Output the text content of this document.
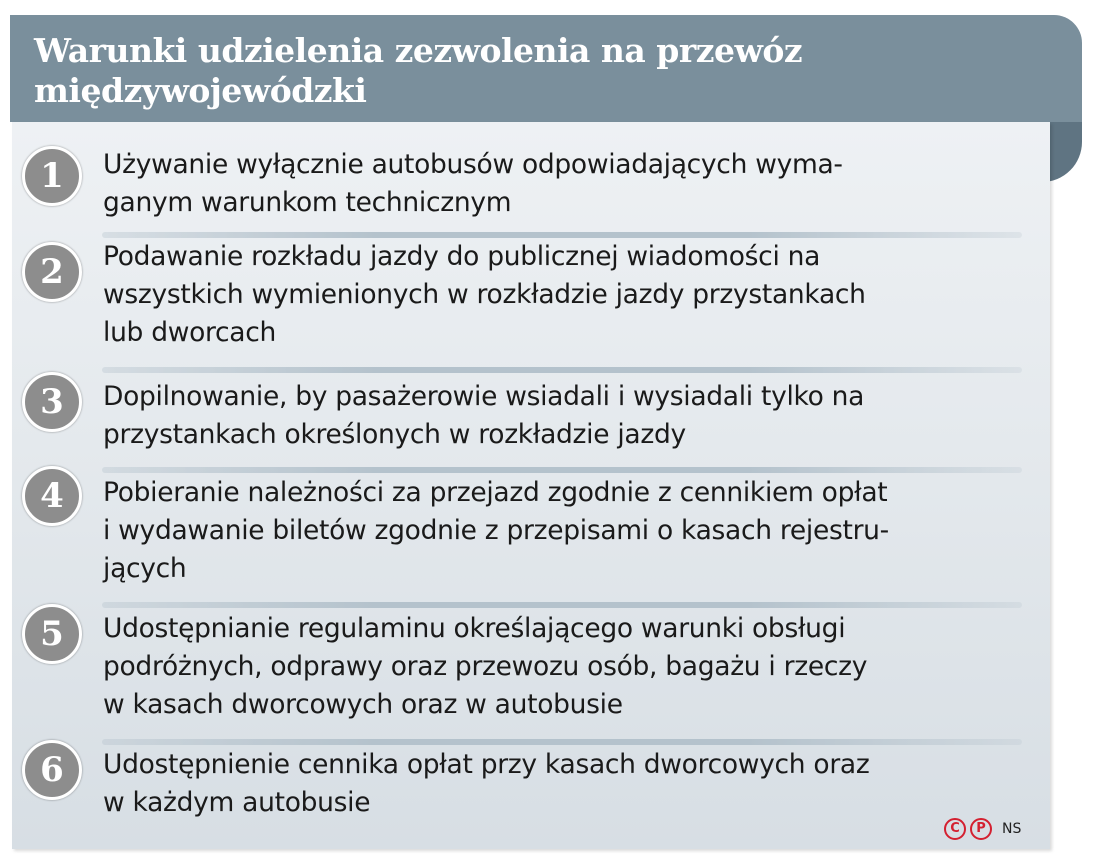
Warunki udzielenia zezwolenia na przewóz
międzywojewódzki
1	Używanie wyłącznie autobusów odpowiadających wyma-
ganym warunkom technicznym
2	Podawanie rozkładu jazdy do publicznej wiadomości na
wszystkich wymienionych w rozkładzie jazdy przystankach
lub dworcach
3	Dopilnowanie, by pasażerowie wsiadali i wysiadali tylko na
przystankach określonych w rozkładzie jazdy
4	Pobieranie należności za przejazd zgodnie z cennikiem opłat
i wydawanie biletów zgodnie z przepisami o kasach rejestru-
jących
5	Udostępnianie regulaminu określającego warunki obsługi
podróżnych, odprawy oraz przewozu osób, bagażu i rzeczy
w kasach dworcowych oraz w autobusie
6	Udostępnienie cennika opłat przy kasach dworcowych oraz
w każdym autobusie
C	P	NS
